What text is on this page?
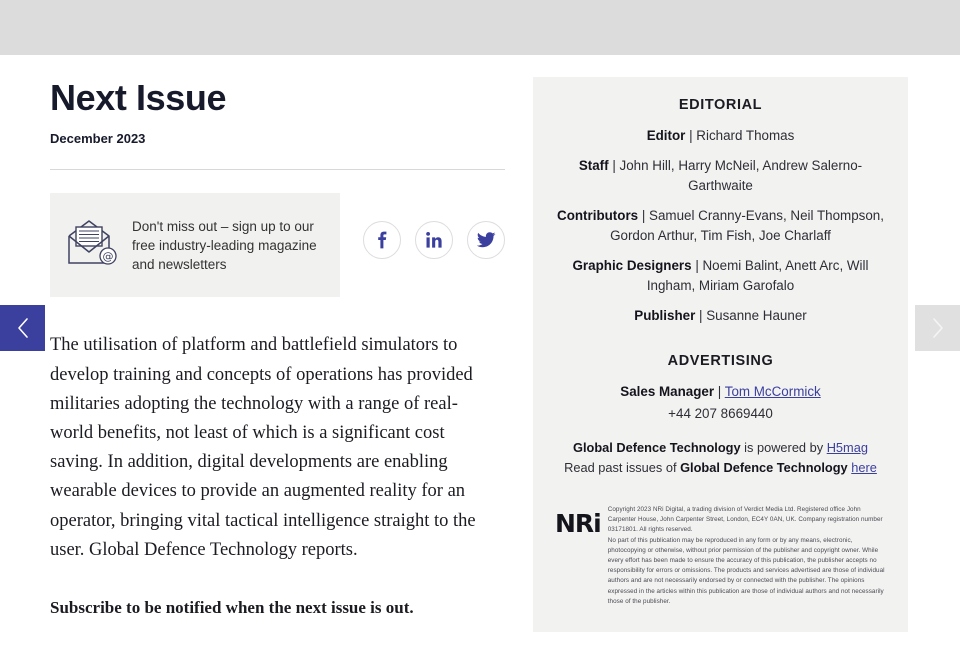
Next Issue
December 2023
@
Don't miss out – sign up to our free industry-leading magazine and newsletters

The utilisation of platform and battlefield simulators to develop training and concepts of operations has provided militaries adopting the technology with a range of real-world benefits, not least of which is a significant cost saving. In addition, digital developments are enabling wearable devices to provide an augmented reality for an operator, bringing vital tactical intelligence straight to the user. Global Defence Technology reports.

Subscribe to be notified when the next issue is out.

EDITORIAL
Editor | Richard Thomas
Staff | John Hill, Harry McNeil, Andrew Salerno-Garthwaite
Contributors | Samuel Cranny-Evans, Neil Thompson, Gordon Arthur, Tim Fish, Joe Charlaff
Graphic Designers | Noemi Balint, Anett Arc, Will Ingham, Miriam Garofalo
Publisher | Susanne Hauner
ADVERTISING
Sales Manager | Tom McCormick
+44 207 8669440
Global Defence Technology is powered by H5mag
Read past issues of Global Defence Technology here
NRi Copyright 2023 NRi Digital, a trading division of Verdict Media Ltd. Registered office John Carpenter House, John Carpenter Street, London, EC4Y 0AN, UK. Company registration number 03171801. All rights reserved.
No part of this publication may be reproduced in any form or by any means, electronic, photocopying or otherwise, without prior permission of the publisher and copyright owner. While every effort has been made to ensure the accuracy of this publication, the publisher accepts no responsibility for errors or omissions. The products and services advertised are those of individual authors and are not necessarily endorsed by or connected with the publisher. The opinions expressed in the articles within this publication are those of individual authors and not necessarily those of the publisher.
